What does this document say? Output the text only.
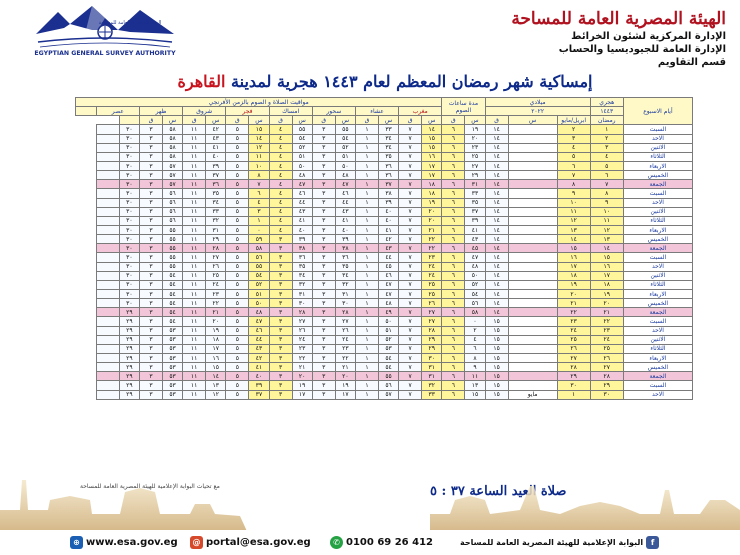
EGYPTIAN GENERAL SURVEY AUTHORITY
الهيئة المصرية العامة للمساحة	الهيئة المصرية العامة للمساحة
الإدارة المركزية لشئون الخرائط
الإدارة العامة للجيوديسيا والحساب
قسم التقاويم
إمساكية شهر رمضان المعظم لعام ١٤٤٣ هجرية لمدينة القاهرة
أيام الاسبوع	هجري	ميلادي			مدة ساعات الصوم		مواقيت الصلاة و الصوم بالزمن الأفرنجي																
	١٤٤٣	٢٠٢٢					مغرب		عشاء		سحور		امساك		فجر		شروق		ظهر		عصر		
	رمضان	ابريل/مايو	س	ق	س	ق	س	ق	س	ق	س	ق	س	ق	س	ق	س	ق	س	ق			
السبت	١	٢		١٤	١٩	٦	١٤	٧	٣٣	١	٥٥	٣	٥٥	٤	١٥	٥	٤٢	١١	٥٨	٣	٣٠		
الاحد	٢	٣		١٤	٢٠	٦	١٥	٧	٣٤	١	٥٤	٣	٥٤	٤	١٤	٥	٤٣	١١	٥٨	٣	٣٠		
الاثنين	٣	٤		١٤	٢٣	٦	١٥	٧	٣٤	١	٥٢	٣	٥٢	٤	١٢	٥	٤١	١١	٥٨	٣	٣٠		
الثلاثاء	٤	٥		١٤	٢٥	٦	١٦	٧	٣٥	١	٥١	٣	٥١	٤	١١	٥	٤٠	١١	٥٨	٣	٣٠		
الاربعاء	٥	٦		١٤	٢٧	٦	١٧	٧	٣٦	١	٥٠	٣	٥٠	٤	١٠	٥	٣٩	١١	٥٧	٣	٣٠		
الخميس	٦	٧		١٤	٢٩	٦	١٧	٧	٣٦	١	٤٨	٣	٤٨	٤	٨	٥	٣٧	١١	٥٧	٣	٣٠		
الجمعة	٧	٨		١٤	٣١	٦	١٨	٧	٣٧	١	٤٧	٣	٤٧	٤	٧	٥	٣٦	١١	٥٧	٣	٣٠		
السبت	٨	٩		١٤	٣٣	٦	١٨	٧	٣٨	١	٤٦	٣	٤٦	٤	٦	٥	٣٥	١١	٥٦	٣	٣٠		
الاحد	٩	١٠		١٤	٣٥	٦	١٩	٧	٣٩	١	٤٤	٣	٤٤	٤	٤	٥	٣٤	١١	٥٦	٣	٣٠		
الاثنين	١٠	١١		١٤	٣٧	٦	٢٠	٧	٤٠	١	٤٣	٣	٤٣	٤	٣	٥	٣٣	١١	٥٦	٣	٣٠		
الثلاثاء	١١	١٢		١٤	٣٩	٦	٢٠	٧	٤٠	١	٤١	٣	٤١	٤	١	٥	٣٢	١١	٥٦	٣	٣٠		
الاربعاء	١٢	١٣		١٤	٤١	٦	٢١	٧	٤١	١	٤٠	٣	٤٠	٤	٠	٥	٣١	١١	٥٥	٣	٣٠		
الخميس	١٣	١٤		١٤	٤٣	٦	٢٢	٧	٤٢	١	٣٩	٣	٣٩	٣	٥٩	٥	٢٩	١١	٥٥	٣	٣٠		
الجمعة	١٤	١٥		١٤	٤٥	٦	٢٢	٧	٤٣	١	٣٨	٣	٣٨	٣	٥٨	٥	٢٨	١١	٥٥	٣	٣٠		
السبت	١٥	١٦		١٤	٤٧	٦	٢٣	٧	٤٤	١	٣٦	٣	٣٦	٣	٥٦	٥	٢٧	١١	٥٥	٣	٣٠		
الاحد	١٦	١٧		١٤	٤٨	٦	٢٤	٧	٤٥	١	٣٥	٣	٣٥	٣	٥٥	٥	٢٦	١١	٥٥	٣	٣٠		
الاثنين	١٧	١٨		١٤	٥٠	٦	٢٤	٧	٤٦	١	٣٤	٣	٣٤	٣	٥٤	٥	٢٥	١١	٥٤	٣	٣٠		
الثلاثاء	١٨	١٩		١٤	٥٢	٦	٢٥	٧	٤٧	١	٣٢	٣	٣٢	٣	٥٢	٥	٢٤	١١	٥٤	٣	٣٠		
الاربعاء	١٩	٢٠		١٤	٥٤	٦	٢٥	٧	٤٧	١	٣١	٣	٣١	٣	٥١	٥	٢٣	١١	٥٤	٣	٣٠		
الخميس	٢٠	٢١		١٤	٥٦	٦	٢٦	٧	٤٨	١	٣٠	٣	٣٠	٣	٥٠	٥	٢٢	١١	٥٤	٣	٣٠		
الجمعة	٢١	٢٢		١٤	٥٨	٦	٢٧	٧	٤٩	١	٢٨	٣	٢٨	٣	٤٨	٥	٢١	١١	٥٤	٣	٢٩		
السبت	٢٢	٢٣		١٥	٠	٦	٢٧	٧	٥٠	١	٢٧	٣	٢٧	٣	٤٧	٥	٢٠	١١	٥٤	٣	٢٩		
الاحد	٢٣	٢٤		١٥	٢	٦	٢٨	٧	٥١	١	٢٦	٣	٢٦	٣	٤٦	٥	١٩	١١	٥٣	٣	٢٩		
الاثنين	٢٤	٢٥		١٥	٤	٦	٢٩	٧	٥٢	١	٢٤	٣	٢٤	٣	٤٤	٥	١٨	١١	٥٣	٣	٢٩		
الثلاثاء	٢٥	٢٦		١٥	٦	٦	٢٩	٧	٥٣	١	٢٣	٣	٢٣	٣	٤٣	٥	١٧	١١	٥٣	٣	٢٩		
الاربعاء	٢٦	٢٧		١٥	٨	٦	٣٠	٧	٥٤	١	٢٢	٣	٢٢	٣	٤٢	٥	١٦	١١	٥٣	٣	٢٩		
الخميس	٢٧	٢٨		١٥	٩	٦	٣١	٧	٥٤	١	٢١	٣	٢١	٣	٤١	٥	١٥	١١	٥٣	٣	٢٩		
الجمعة	٢٨	٢٩		١٥	١١	٦	٣١	٧	٥٥	١	٢٠	٣	٢٠	٣	٤٠	٥	١٤	١١	٥٣	٣	٢٩		
السبت	٢٩	٣٠		١٥	١٣	٦	٣٢	٧	٥٦	١	١٩	٣	١٩	٣	٣٩	٥	١٣	١١	٥٣	٣	٢٩		
الاحد	٣٠	١	مايو	١٥	١٥	٦	٣٣	٧	٥٧	١	١٧	٣	١٧	٣	٣٧	٥	١٢	١١	٥٣	٣	٢٩		
مع تحيات البوابة الإعلامية للهيئة المصرية العامة للمساحة	صلاة العيد الساعة ٣٧ : ٥
⊕ www.esa.gov.eg	@ portal@esa.gov.eg	✆ 0100 69 26 412	f
البوابة الإعلامية للهيئة المصرية العامة للمساحة
